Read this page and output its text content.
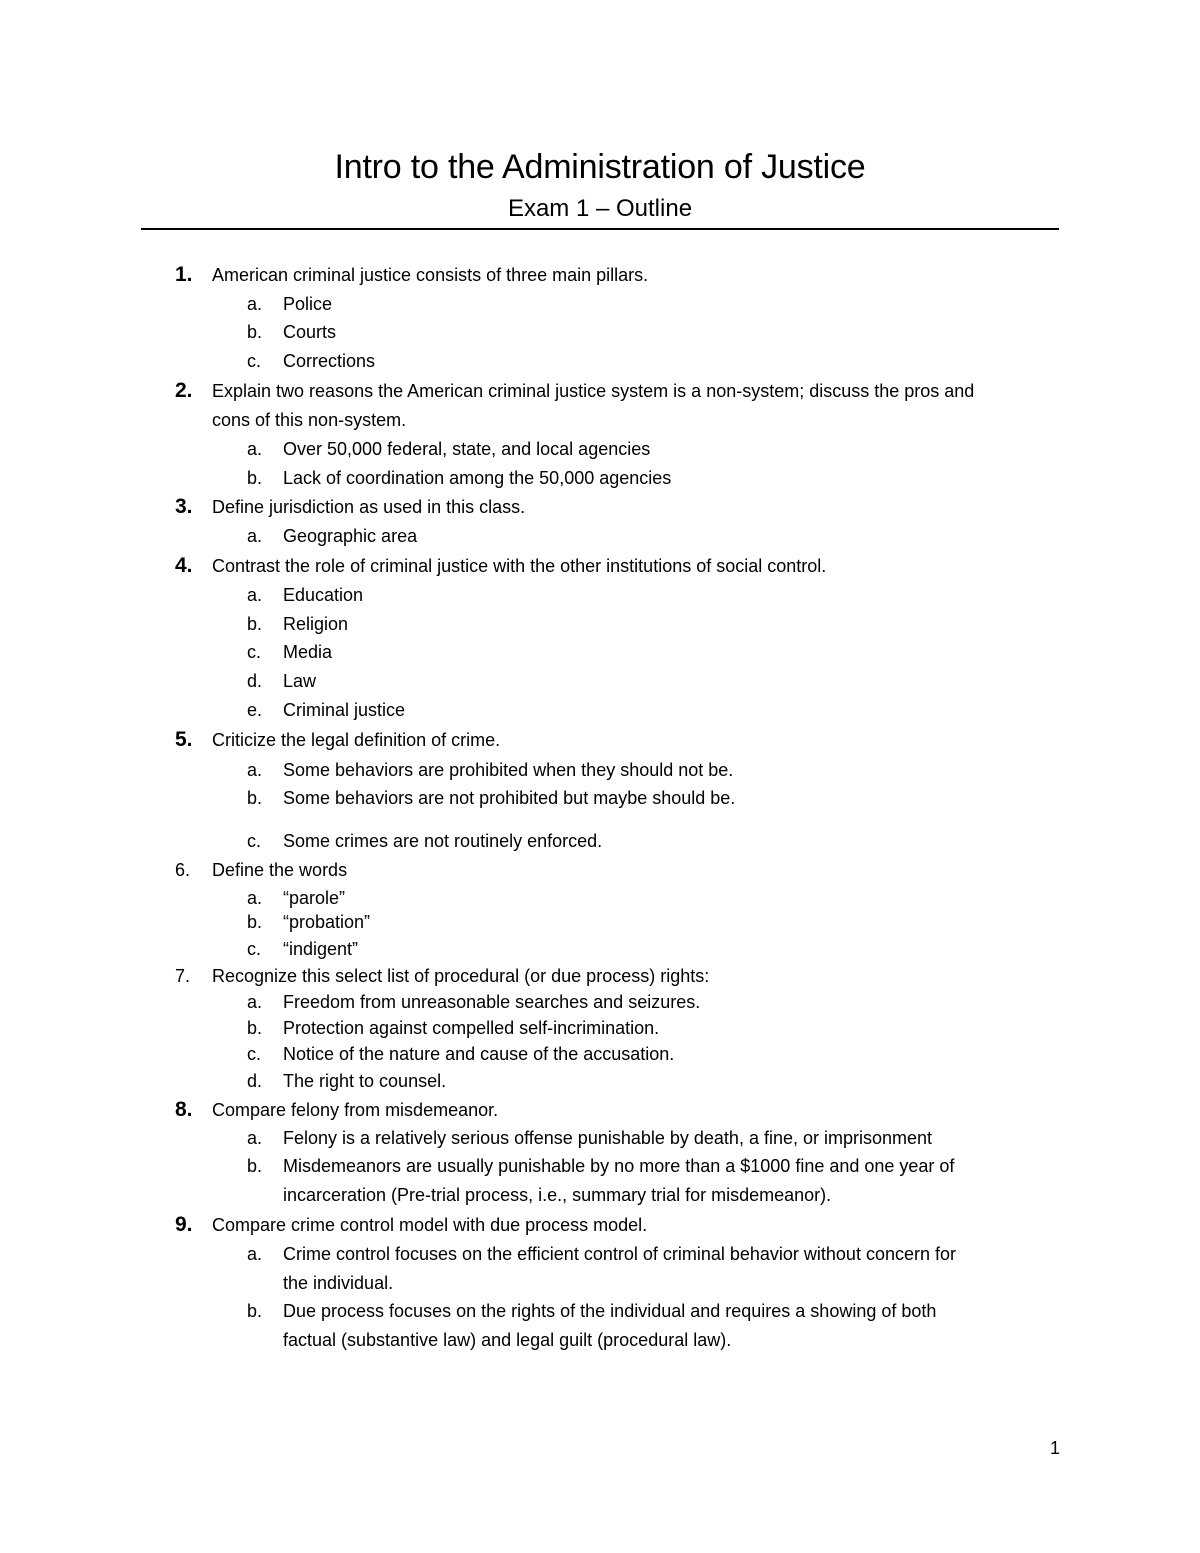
Intro to the Administration of Justice
Exam 1 – Outline
1.	American criminal justice consists of three main pillars.
a.	Police
b.	Courts
c.	Corrections
2.	Explain two reasons the American criminal justice system is a non-system; discuss the pros and
cons of this non-system.
a.	Over 50,000 federal, state, and local agencies
b.	Lack of coordination among the 50,000 agencies
3.	Define jurisdiction as used in this class.
a.	Geographic area
4.	Contrast the role of criminal justice with the other institutions of social control.
a.	Education
b.	Religion
c.	Media
d.	Law
e.	Criminal justice
5.	Criticize the legal definition of crime.
a.	Some behaviors are prohibited when they should not be.
b.	Some behaviors are not prohibited but maybe should be.
c.	Some crimes are not routinely enforced.
6.	Define the words
a.	“parole”
b.	“probation”
c.	“indigent”
7.	Recognize this select list of procedural (or due process) rights:
a.	Freedom from unreasonable searches and seizures.
b.	Protection against compelled self-incrimination.
c.	Notice of the nature and cause of the accusation.
d.	The right to counsel.
8.	Compare felony from misdemeanor.
a.	Felony is a relatively serious offense punishable by death, a fine, or imprisonment
b.	Misdemeanors are usually punishable by no more than a $1000 fine and one year of
incarceration (Pre-trial process, i.e., summary trial for misdemeanor).
9.	Compare crime control model with due process model.
a.	Crime control focuses on the efficient control of criminal behavior without concern for
the individual.
b.	Due process focuses on the rights of the individual and requires a showing of both
factual (substantive law) and legal guilt (procedural law).
1
